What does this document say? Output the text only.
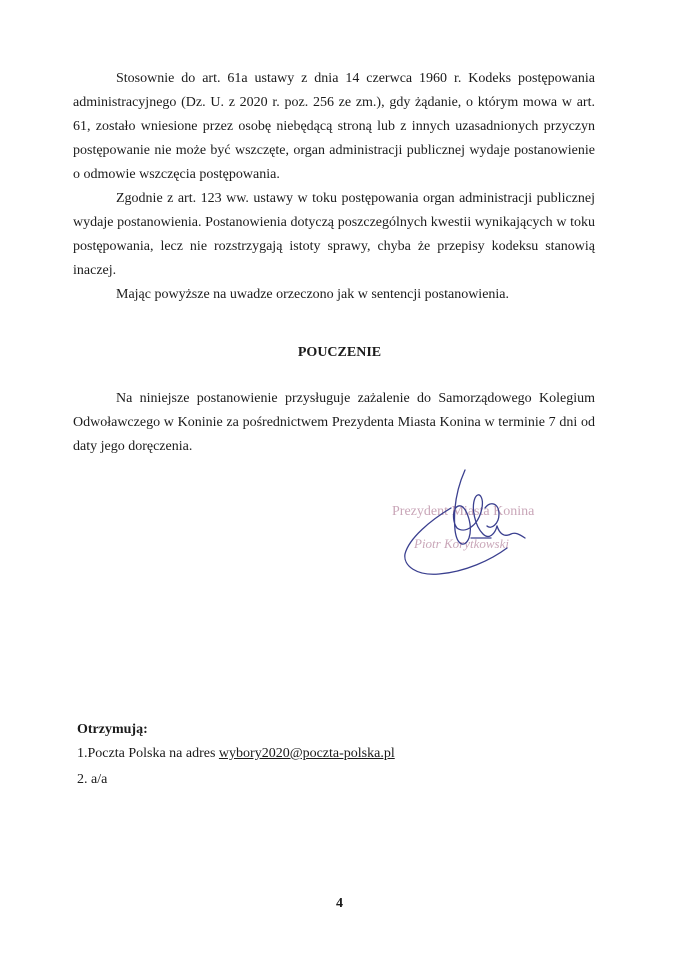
Stosownie do art. 61a ustawy z dnia 14 czerwca 1960 r. Kodeks postępowania administracyjnego (Dz. U. z 2020 r. poz. 256 ze zm.), gdy żądanie, o którym mowa w art. 61, zostało wniesione przez osobę niebędącą stroną lub z innych uzasadnionych przyczyn postępowanie nie może być wszczęte, organ administracji publicznej wydaje postanowienie o odmowie wszczęcia postępowania.

Zgodnie z art. 123 ww. ustawy w toku postępowania organ administracji publicznej wydaje postanowienia. Postanowienia dotyczą poszczególnych kwestii wynikających w toku postępowania, lecz nie rozstrzygają istoty sprawy, chyba że przepisy kodeksu stanowią inaczej.

Mając powyższe na uwadze orzeczono jak w sentencji postanowienia.

POUCZENIE

Na niniejsze postanowienie przysługuje zażalenie do Samorządowego Kolegium Odwoławczego w Koninie za pośrednictwem Prezydenta Miasta Konina w terminie 7 dni od daty jego doręczenia.

Prezydent Miasta Konina
Piotr Korytkowski

Otrzymują:

1.Poczta Polska na adres wybory2020@poczta-polska.pl

2. a/a

4
